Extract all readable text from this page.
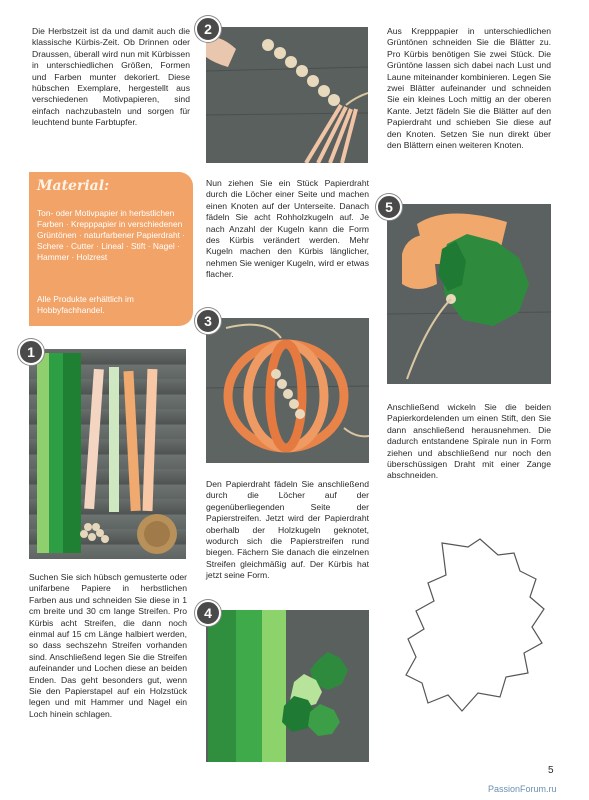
Die Herbstzeit ist da und damit auch die klassische Kürbis-Zeit. Ob Drinnen oder Draussen, überall wird nun mit Kürbissen in unterschiedlichen Größen, Formen und Farben munter dekoriert. Diese hübschen Exemplare, hergestellt aus verschiedenen Motivpapieren, sind einfach nachzubasteln und sorgen für leuchtend bunte Farbtupfer.
Material:
Ton- oder Motivpapier in herbstlichen Farben · Krepppapier in verschiedenen Grüntönen · naturfarbener Papierdraht · Schere · Cutter · Lineal · Stift · Nagel · Hammer · Holzrest
Alle Produkte erhältlich im Hobbyfachhandel.
1
Suchen Sie sich hübsch gemusterte oder unifarbene Papiere in herbstlichen Farben aus und schneiden Sie diese in 1 cm breite und 30 cm lange Streifen. Pro Kürbis acht Streifen, die dann noch einmal auf 15 cm Länge halbiert werden, so dass sechszehn Streifen vorhanden sind. Anschließend legen Sie die Streifen aufeinander und Lochen diese an beiden Enden. Das geht besonders gut, wenn Sie den Papierstapel auf ein Holzstück legen und mit Hammer und Nagel ein Loch hinein schlagen.
2
Nun ziehen Sie ein Stück Papierdraht durch die Löcher einer Seite und machen einen Knoten auf der Unterseite. Danach fädeln Sie acht Rohholzkugeln auf. Je nach Anzahl der Kugeln kann die Form des Kürbis verändert werden. Mehr Kugeln machen den Kürbis länglicher, nehmen Sie weniger Kugeln, wird er etwas flacher.
3
Den Papierdraht fädeln Sie anschließend durch die Löcher auf der gegenüberliegenden Seite der Papierstreifen. Jetzt wird der Papierdraht oberhalb der Holzkugeln geknotet, wodurch sich die Papierstreifen rund biegen. Fächern Sie danach die einzelnen Streifen gleichmäßig auf. Der Kürbis hat jetzt seine Form.
4
Aus Krepppapier in unterschiedlichen Grüntönen schneiden Sie die Blätter zu. Pro Kürbis benötigen Sie zwei Stück. Die Grüntöne lassen sich dabei nach Lust und Laune miteinander kombinieren. Legen Sie zwei Blätter aufeinander und schneiden Sie ein kleines Loch mittig an der oberen Kante. Jetzt fädeln Sie die Blätter auf den Papierdraht und schieben Sie diese auf den Knoten. Setzen Sie nun direkt über den Blättern einen weiteren Knoten.
5
Anschließend wickeln Sie die beiden Papierkordelenden um einen Stift, den Sie dann anschließend herausnehmen. Die dadurch entstandene Spirale nun in Form ziehen und abschließend nur noch den überschüssigen Draht mit einer Zange abschneiden.
5
PassionForum.ru
